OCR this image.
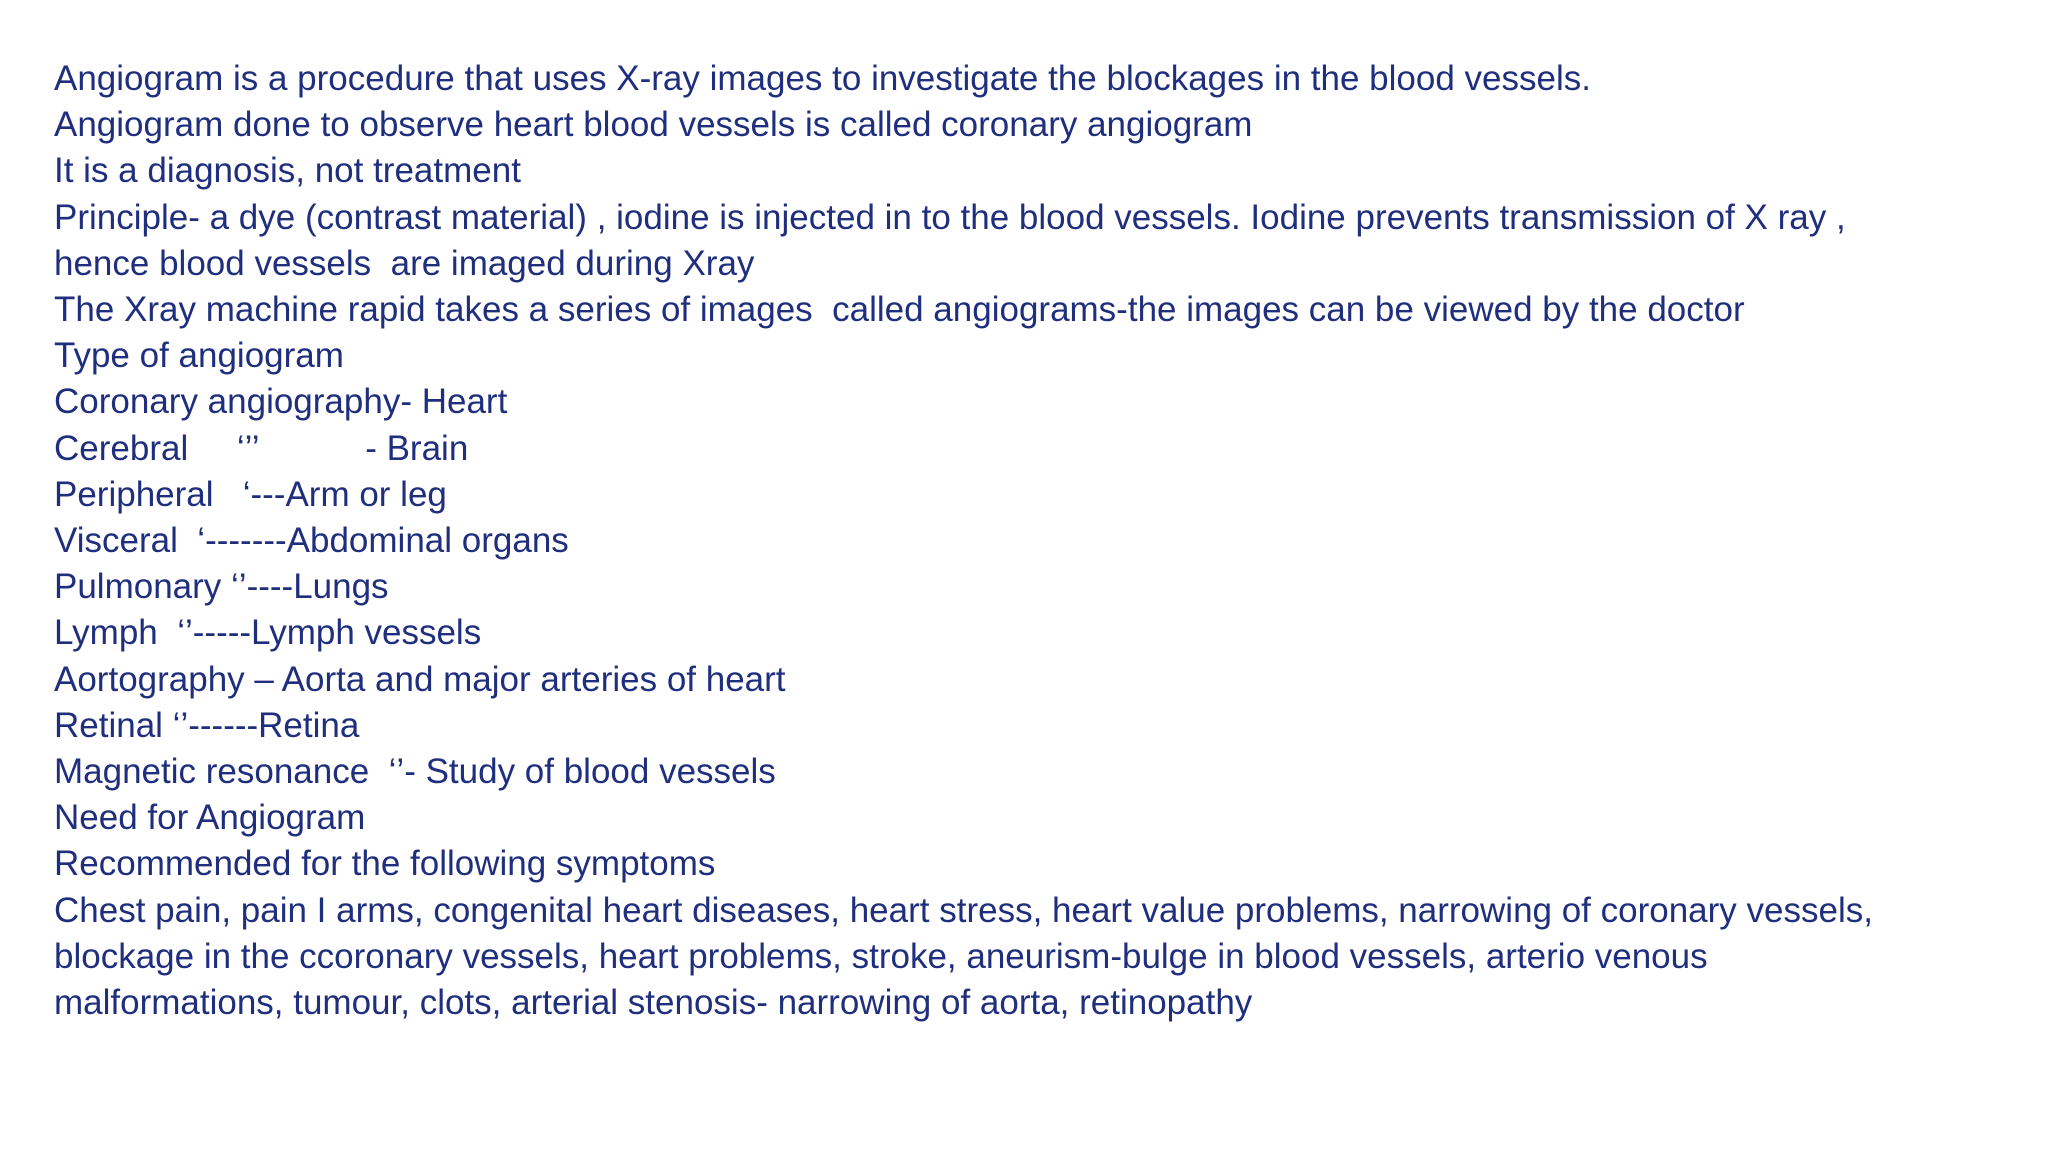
Angiogram is a procedure that uses X-ray images to investigate the blockages in the blood vessels.
Angiogram done to observe heart blood vessels is called coronary angiogram
It is a diagnosis, not treatment
Principle- a dye (contrast material) , iodine is injected in to the blood vessels. Iodine prevents transmission of X ray ,
hence blood vessels  are imaged during Xray
The Xray machine rapid takes a series of images  called angiograms-the images can be viewed by the doctor
Type of angiogram
Coronary angiography- Heart
Cerebral     ‘’’           - Brain
Peripheral   ‘---Arm or leg
Visceral  ‘-------Abdominal organs
Pulmonary ‘’----Lungs
Lymph  ‘’-----Lymph vessels
Aortography – Aorta and major arteries of heart
Retinal ‘’------Retina
Magnetic resonance  ‘’- Study of blood vessels
Need for Angiogram
Recommended for the following symptoms
Chest pain, pain I arms, congenital heart diseases, heart stress, heart value problems, narrowing of coronary vessels,
blockage in the ccoronary vessels, heart problems, stroke, aneurism-bulge in blood vessels, arterio venous
malformations, tumour, clots, arterial stenosis- narrowing of aorta, retinopathy
